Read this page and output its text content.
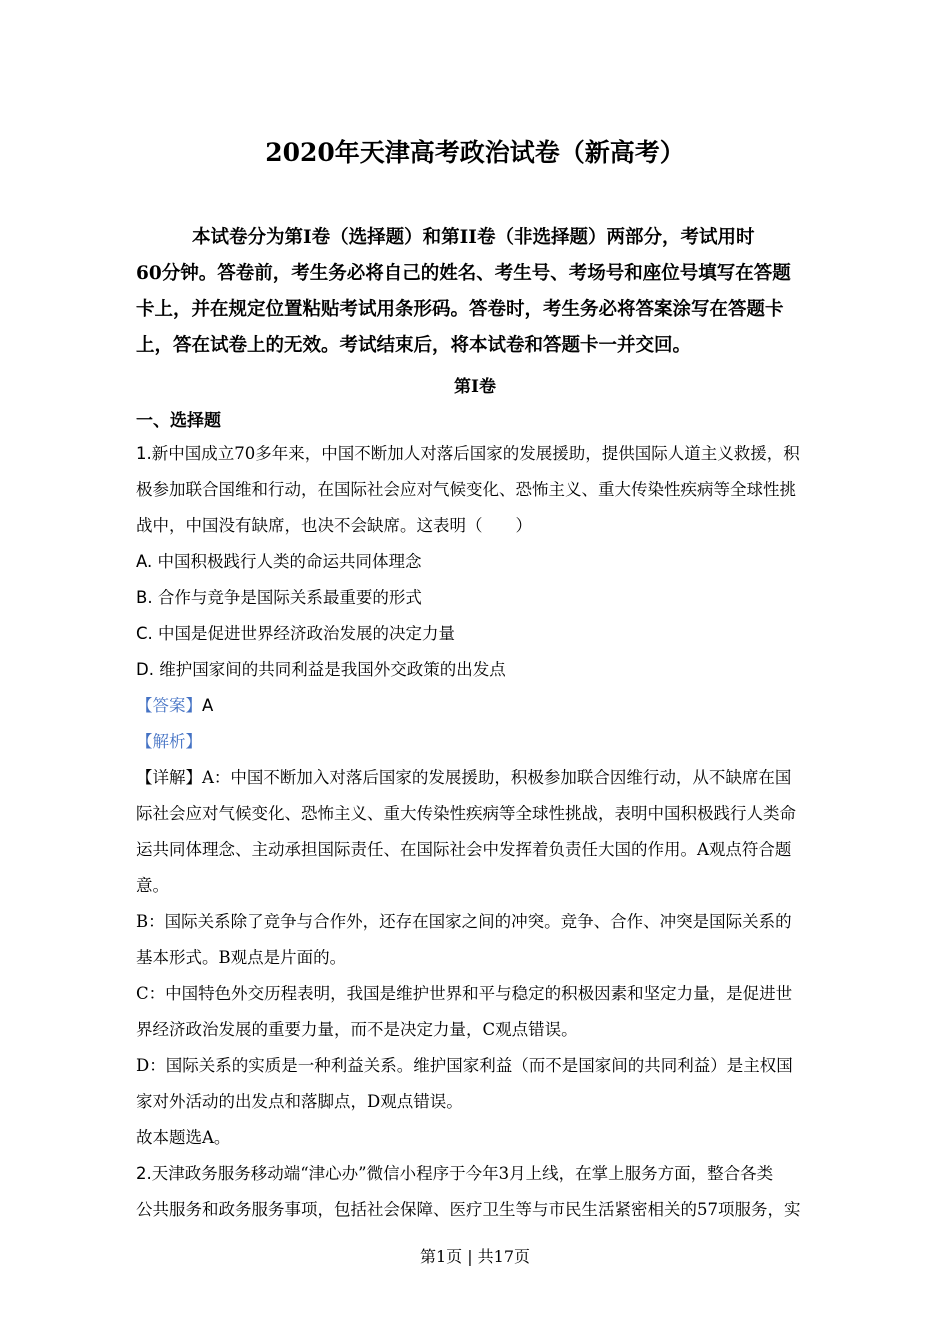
2020年天津高考政治试卷（新高考）
本试卷分为第Ⅰ卷（选择题）和第II卷（非选择题）两部分，考试用时
60分钟。答卷前，考生务必将自己的姓名、考生号、考场号和座位号填写在答题
卡上，并在规定位置粘贴考试用条形码。答卷时，考生务必将答案涂写在答题卡
上，答在试卷上的无效。考试结束后，将本试卷和答题卡一并交回。
第Ⅰ卷
一、选择题
1.新中国成立70多年来，中国不断加人对落后国家的发展援助，提供国际人道主义救援，积
极参加联合国维和行动，在国际社会应对气候变化、恐怖主义、重大传染性疾病等全球性挑
战中，中国没有缺席，也决不会缺席。这表明（　　）
A. 中国积极践行人类的命运共同体理念
B. 合作与竞争是国际关系最重要的形式
C. 中国是促进世界经济政治发展的决定力量
D. 维护国家间的共同利益是我国外交政策的出发点
【答案】A
【解析】
【详解】A：中国不断加入对落后国家的发展援助，积极参加联合因维行动，从不缺席在国
际社会应对气候变化、恐怖主义、重大传染性疾病等全球性挑战，表明中国积极践行人类命
运共同体理念、主动承担国际责任、在国际社会中发挥着负责任大国的作用。A观点符合题
意。
B：国际关系除了竞争与合作外，还存在国家之间的冲突。竞争、合作、冲突是国际关系的
基本形式。B观点是片面的。
C：中国特色外交历程表明，我国是维护世界和平与稳定的积极因素和坚定力量，是促进世
界经济政治发展的重要力量，而不是决定力量，C观点错误。
D：国际关系的实质是一种利益关系。维护国家利益（而不是国家间的共同利益）是主权国
家对外活动的出发点和落脚点，D观点错误。
故本题选A。
2.天津政务服务移动端“津心办”微信小程序于今年3月上线，在掌上服务方面，整合各类
公共服务和政务服务事项，包括社会保障、医疗卫生等与市民生活紧密相关的57项服务，实
第1页 | 共17页
